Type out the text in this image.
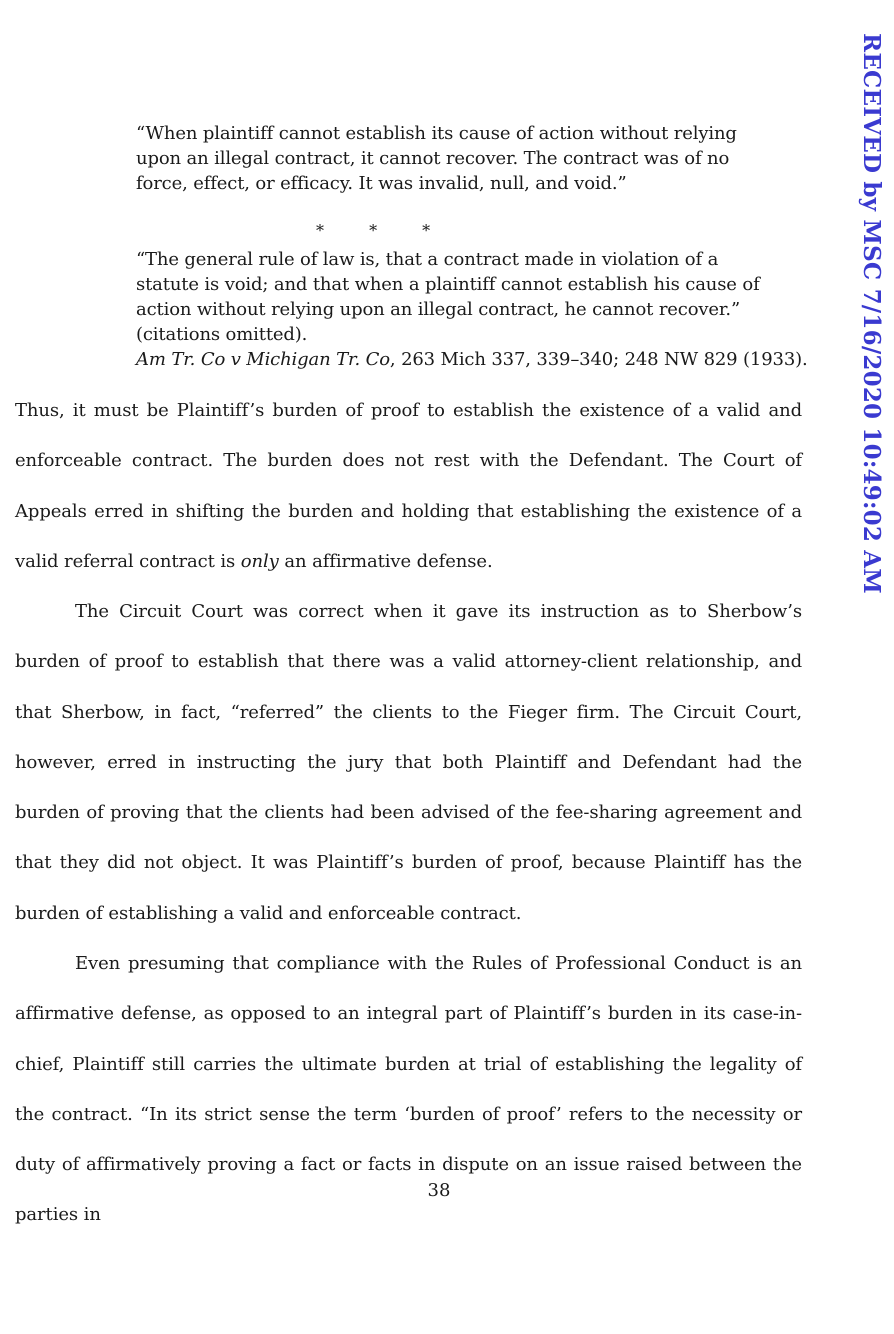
RECEIVED by MSC 7/16/2020 10:49:02 AM

“When plaintiff cannot establish its cause of action without relying upon an illegal contract, it cannot recover. The contract was of no force, effect, or efficacy. It was invalid, null, and void.”

* * *

“The general rule of law is, that a contract made in violation of a statute is void; and that when a plaintiff cannot establish his cause of action without relying upon an illegal contract, he cannot recover.” (citations omitted).

Am Tr. Co v Michigan Tr. Co, 263 Mich 337, 339–340; 248 NW 829 (1933).

Thus, it must be Plaintiff’s burden of proof to establish the existence of a valid and enforceable contract. The burden does not rest with the Defendant. The Court of Appeals erred in shifting the burden and holding that establishing the existence of a valid referral contract is only an affirmative defense.

The Circuit Court was correct when it gave its instruction as to Sherbow’s burden of proof to establish that there was a valid attorney-client relationship, and that Sherbow, in fact, “referred” the clients to the Fieger firm. The Circuit Court, however, erred in instructing the jury that both Plaintiff and Defendant had the burden of proving that the clients had been advised of the fee-sharing agreement and that they did not object. It was Plaintiff’s burden of proof, because Plaintiff has the burden of establishing a valid and enforceable contract.

Even presuming that compliance with the Rules of Professional Conduct is an affirmative defense, as opposed to an integral part of Plaintiff’s burden in its case-in-chief, Plaintiff still carries the ultimate burden at trial of establishing the legality of the contract. “In its strict sense the term ‘burden of proof’ refers to the necessity or duty of affirmatively proving a fact or facts in dispute on an issue raised between the parties in

38
